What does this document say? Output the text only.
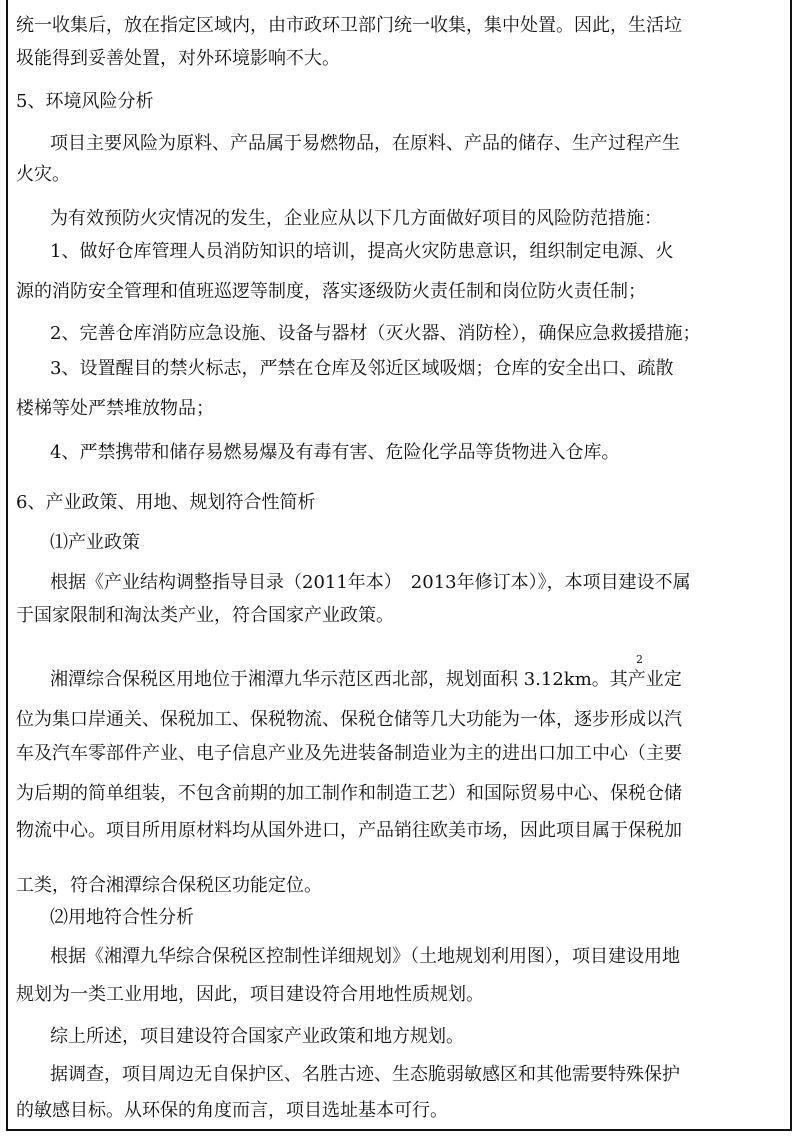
统一收集后，放在指定区域内，由市政环卫部门统一收集，集中处置。因此，生活垃
圾能得到妥善处置，对外环境影响不大。
5、环境风险分析
项目主要风险为原料、产品属于易燃物品，在原料、产品的储存、生产过程产生
火灾。
为有效预防火灾情况的发生，企业应从以下几方面做好项目的风险防范措施：
1、做好仓库管理人员消防知识的培训，提高火灾防患意识，组织制定电源、火
源的消防安全管理和值班巡逻等制度，落实逐级防火责任制和岗位防火责任制；
2、完善仓库消防应急设施、设备与器材（灭火器、消防栓），确保应急救援措施；
3、设置醒目的禁火标志，严禁在仓库及邻近区域吸烟；仓库的安全出口、疏散
楼梯等处严禁堆放物品；
4、严禁携带和储存易燃易爆及有毒有害、危险化学品等货物进入仓库。
6、产业政策、用地、规划符合性简析
⑴产业政策
根据《产业结构调整指导目录（2011年本）　2013年修订本）》，本项目建设不属
于国家限制和淘汰类产业，符合国家产业政策。
湘潭综合保税区用地位于湘潭九华示范区西北部，规划面积 3.12km。其产业定
2
位为集口岸通关、保税加工、保税物流、保税仓储等几大功能为一体，逐步形成以汽
车及汽车零部件产业、电子信息产业及先进装备制造业为主的进出口加工中心（主要
为后期的简单组装，不包含前期的加工制作和制造工艺）和国际贸易中心、保税仓储
物流中心。项目所用原材料均从国外进口，产品销往欧美市场，因此项目属于保税加
工类，符合湘潭综合保税区功能定位。
⑵用地符合性分析
根据《湘潭九华综合保税区控制性详细规划》（土地规划利用图），项目建设用地
规划为一类工业用地，因此，项目建设符合用地性质规划。
综上所述，项目建设符合国家产业政策和地方规划。
据调查，项目周边无自保护区、名胜古迹、生态脆弱敏感区和其他需要特殊保护
的敏感目标。从环保的角度而言，项目选址基本可行。
